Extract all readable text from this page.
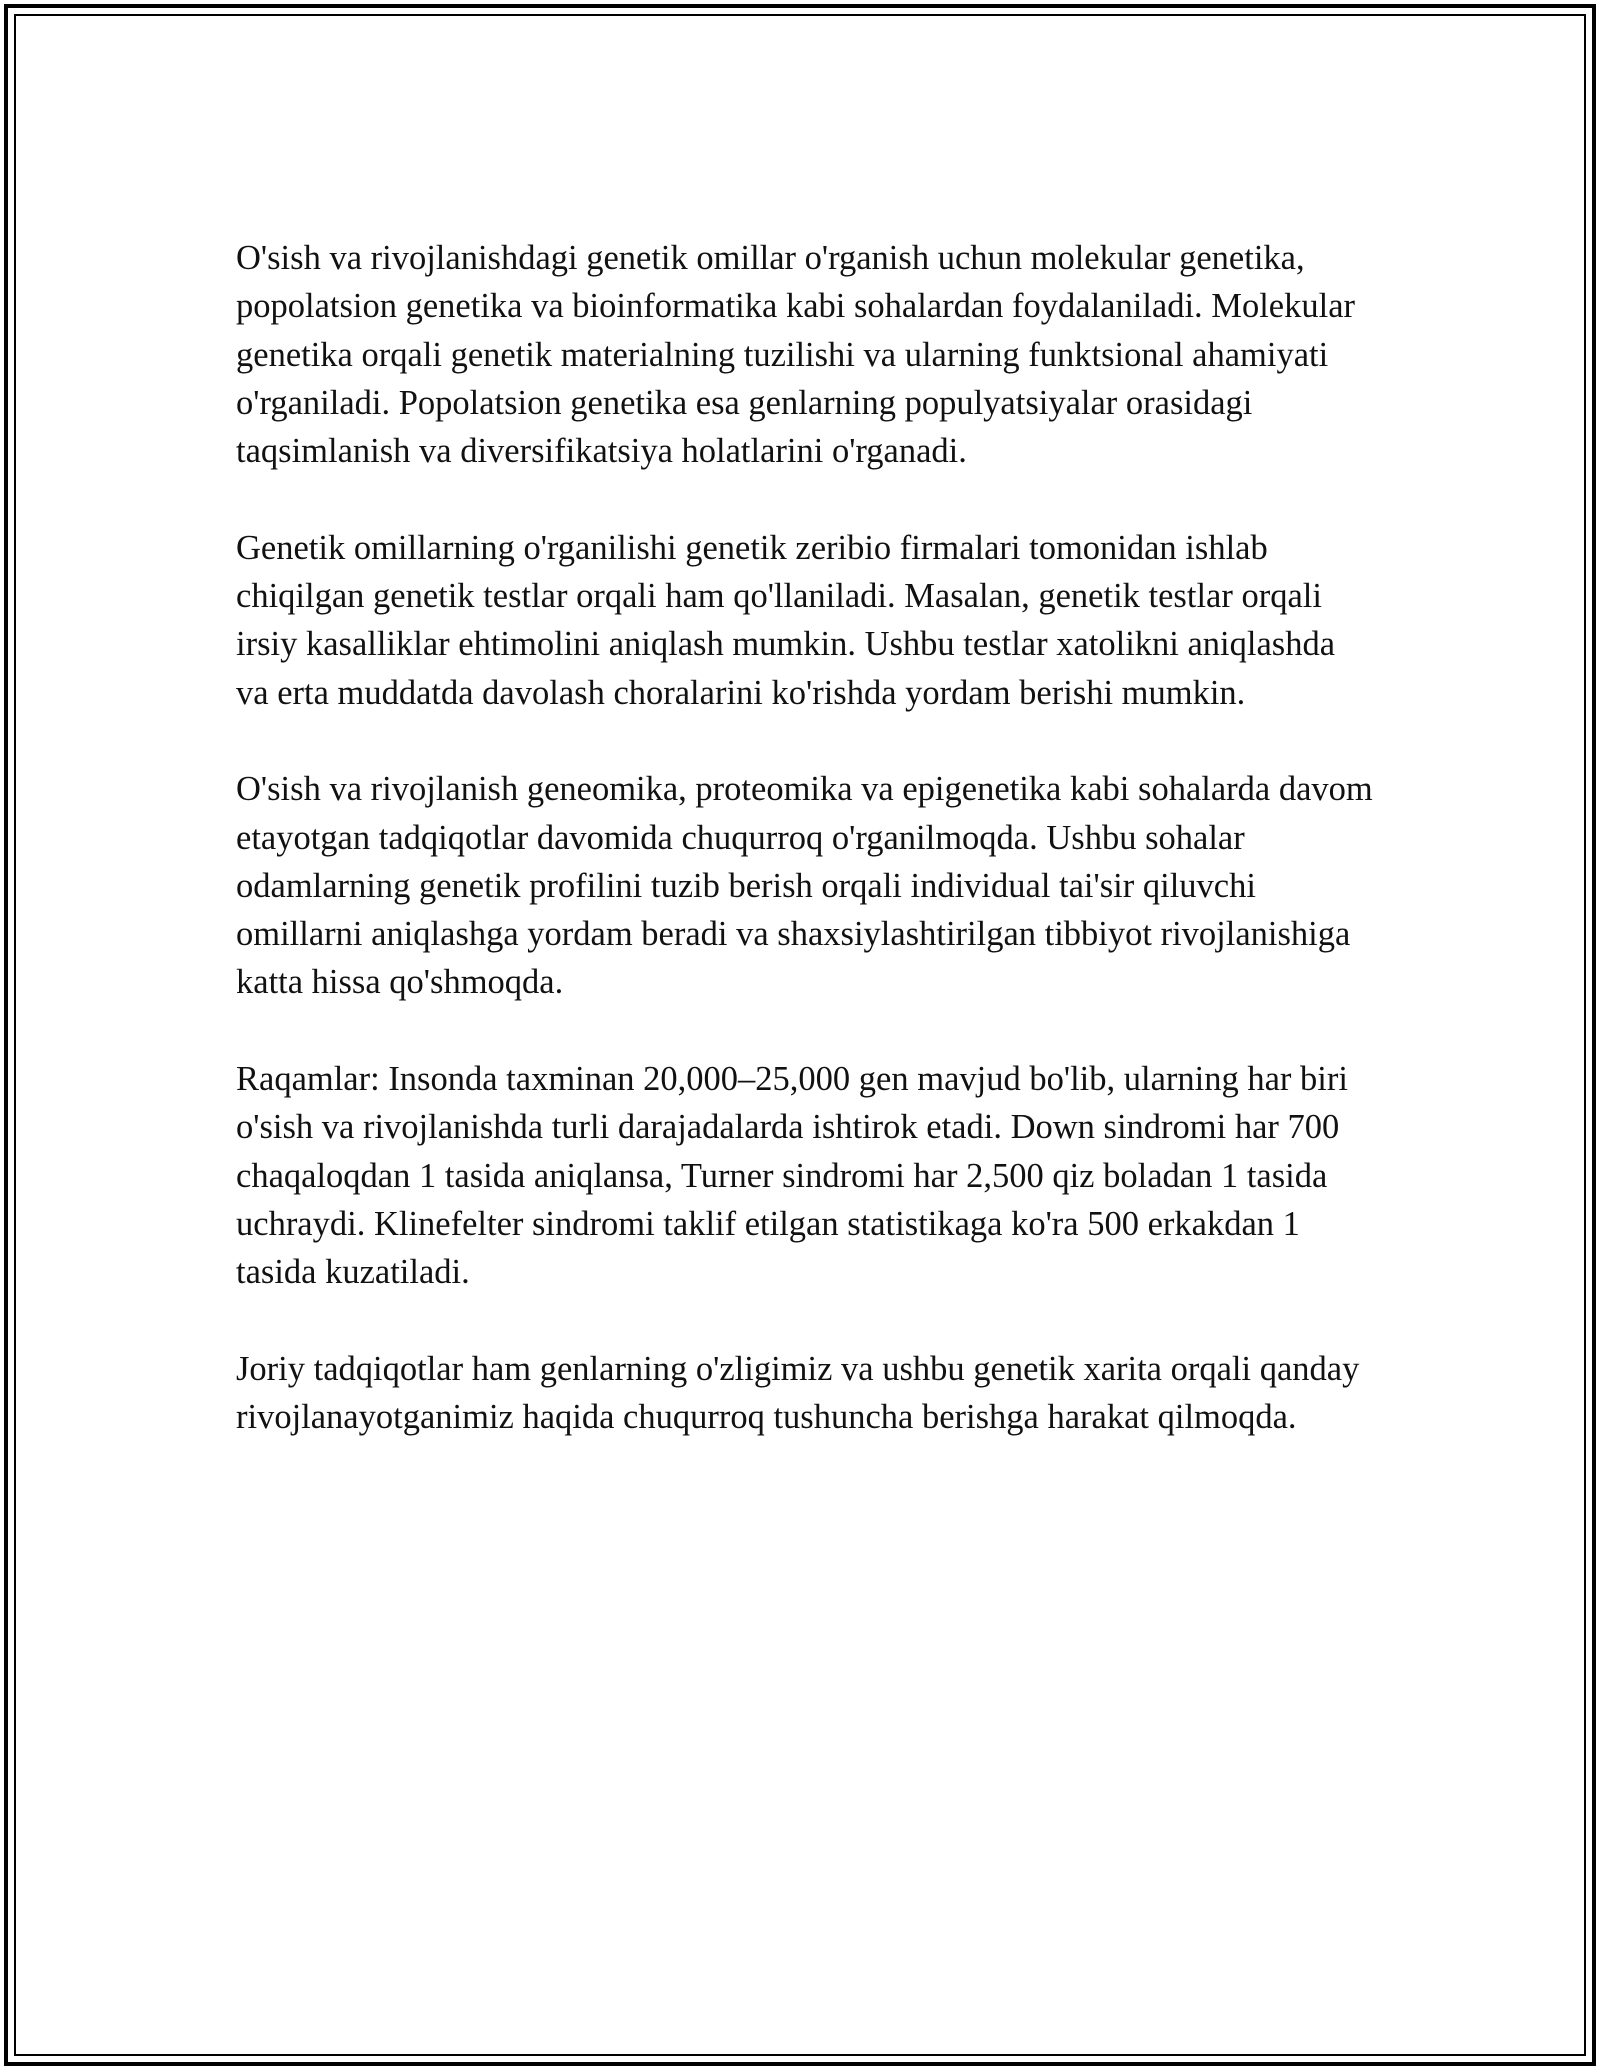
O'sish va rivojlanishdagi genetik omillar o'rganish uchun molekular genetika, popolatsion genetika va bioinformatika kabi sohalardan foydalaniladi. Molekular genetika orqali genetik materialning tuzilishi va ularning funktsional ahamiyati o'rganiladi. Popolatsion genetika esa genlarning populyatsiyalar orasidagi taqsimlanish va diversifikatsiya holatlarini o'rganadi.

Genetik omillarning o'rganilishi genetik zeribio firmalari tomonidan ishlab chiqilgan genetik testlar orqali ham qo'llaniladi. Masalan, genetik testlar orqali irsiy kasalliklar ehtimolini aniqlash mumkin. Ushbu testlar xatolikni aniqlashda va erta muddatda davolash choralarini ko'rishda yordam berishi mumkin.

O'sish va rivojlanish geneomika, proteomika va epigenetika kabi sohalarda davom etayotgan tadqiqotlar davomida chuqurroq o'rganilmoqda. Ushbu sohalar odamlarning genetik profilini tuzib berish orqali individual tai'sir qiluvchi omillarni aniqlashga yordam beradi va shaxsiylashtirilgan tibbiyot rivojlanishiga katta hissa qo'shmoqda.

Raqamlar: Insonda taxminan 20,000–25,000 gen mavjud bo'lib, ularning har biri o'sish va rivojlanishda turli darajadalarda ishtirok etadi. Down sindromi har 700 chaqaloqdan 1 tasida aniqlansa, Turner sindromi har 2,500 qiz boladan 1 tasida uchraydi. Klinefelter sindromi taklif etilgan statistikaga ko'ra 500 erkakdan 1 tasida kuzatiladi.

Joriy tadqiqotlar ham genlarning o'zligimiz va ushbu genetik xarita orqali qanday rivojlanayotganimiz haqida chuqurroq tushuncha berishga harakat qilmoqda.
